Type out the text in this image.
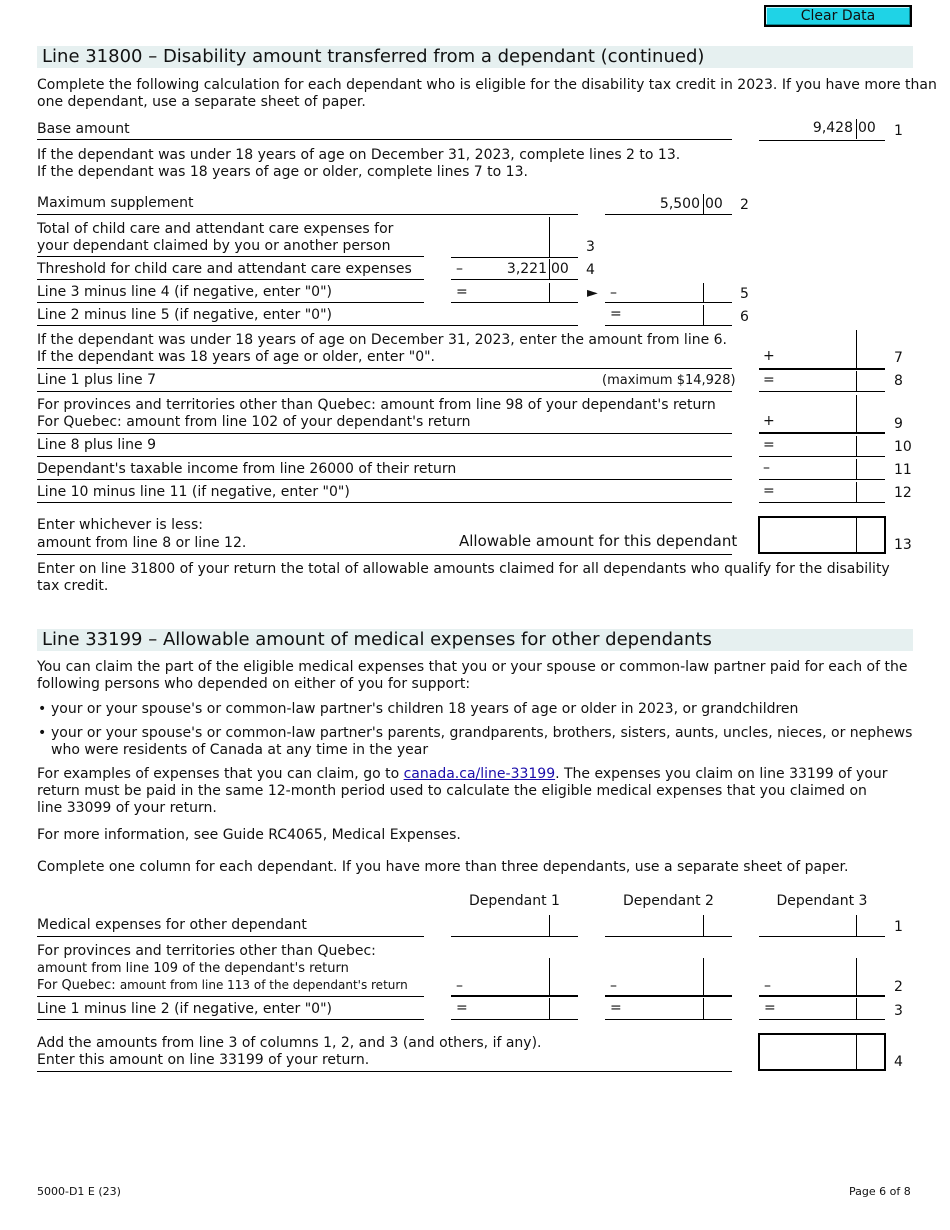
Clear Data
Line 31800 – Disability amount transferred from a dependant (continued)
Complete the following calculation for each dependant who is eligible for the disability tax credit in 2023. If you have more than
one dependant, use a separate sheet of paper.
Base amount	9,428 00	1
If the dependant was under 18 years of age on December 31, 2023, complete lines 2 to 13.
If the dependant was 18 years of age or older, complete lines 7 to 13.
Maximum supplement	5,500 00	2
Total of child care and attendant care expenses for
your dependant claimed by you or another person	3
Threshold for child care and attendant care expenses	–	3,221 00	4
Line 3 minus line 4 (if negative, enter "0")	=	► –	5
Line 2 minus line 5 (if negative, enter "0")	=	6
If the dependant was under 18 years of age on December 31, 2023, enter the amount from line 6.
If the dependant was 18 years of age or older, enter "0".	+	7
Line 1 plus line 7	(maximum $14,928) =	8
For provinces and territories other than Quebec: amount from line 98 of your dependant's return
For Quebec: amount from line 102 of your dependant's return	+	9
Line 8 plus line 9	=	10
Dependant's taxable income from line 26000 of their return	–	11
Line 10 minus line 11 (if negative, enter "0")	=	12
Enter whichever is less:
amount from line 8 or line 12.	Allowable amount for this dependant	13
Enter on line 31800 of your return the total of allowable amounts claimed for all dependants who qualify for the disability
tax credit.
Line 33199 – Allowable amount of medical expenses for other dependants
You can claim the part of the eligible medical expenses that you or your spouse or common-law partner paid for each of the
following persons who depended on either of you for support:
• your or your spouse's or common-law partner's children 18 years of age or older in 2023, or grandchildren
• your or your spouse's or common-law partner's parents, grandparents, brothers, sisters, aunts, uncles, nieces, or nephews
who were residents of Canada at any time in the year
For examples of expenses that you can claim, go to canada.ca/line-33199. The expenses you claim on line 33199 of your
return must be paid in the same 12-month period used to calculate the eligible medical expenses that you claimed on
line 33099 of your return.
For more information, see Guide RC4065, Medical Expenses.
Complete one column for each dependant. If you have more than three dependants, use a separate sheet of paper.
Dependant 1	Dependant 2	Dependant 3
Medical expenses for other dependant	1
For provinces and territories other than Quebec:
amount from line 109 of the dependant's return
For Quebec: amount from line 113 of the dependant's return	–	–	–	2
Line 1 minus line 2 (if negative, enter "0")	=	=	=	3
Add the amounts from line 3 of columns 1, 2, and 3 (and others, if any).
Enter this amount on line 33199 of your return.	4
5000-D1 E (23)	Page 6 of 8
